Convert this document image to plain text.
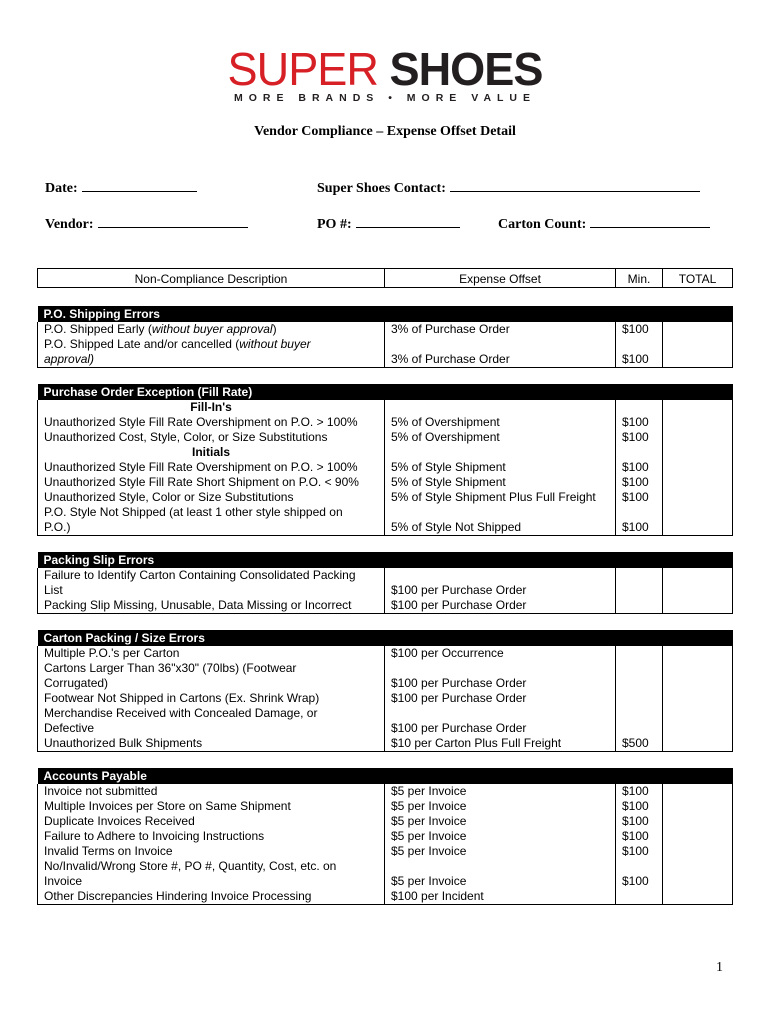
SUPER SHOES
MORE BRANDS • MORE VALUE
Vendor Compliance – Expense Offset Detail
Date:	Super Shoes Contact:
Vendor:	PO #:	Carton Count:
Non-Compliance Description	Expense Offset	Min.	TOTAL

P.O. Shipping Errors			
P.O. Shipped Early (without buyer approval)	3% of Purchase Order	$100	
P.O. Shipped Late and/or cancelled (without buyer
approval)	3% of Purchase Order	$100	

Purchase Order Exception (Fill Rate)			
Fill-In's			
Unauthorized Style Fill Rate Overshipment on P.O. > 100%	5% of Overshipment	$100	
Unauthorized Cost, Style, Color, or Size Substitutions	5% of Overshipment	$100	
Initials			
Unauthorized Style Fill Rate Overshipment on P.O. > 100%	5% of Style Shipment	$100	
Unauthorized Style Fill Rate Short Shipment on P.O. < 90%	5% of Style Shipment	$100	
Unauthorized Style, Color or Size Substitutions	5% of Style Shipment Plus Full Freight	$100	
P.O. Style Not Shipped (at least 1 other style shipped on
P.O.)	5% of Style Not Shipped	$100	

Packing Slip Errors			
Failure to Identify Carton Containing Consolidated Packing
List	$100 per Purchase Order		
Packing Slip Missing, Unusable, Data Missing or Incorrect	$100 per Purchase Order		

Carton Packing / Size Errors			
Multiple P.O.'s per Carton	$100 per Occurrence		
Cartons Larger Than 36"x30" (70lbs) (Footwear
Corrugated)	$100 per Purchase Order		
Footwear Not Shipped in Cartons (Ex. Shrink Wrap)	$100 per Purchase Order		
Merchandise Received with Concealed Damage, or
Defective	$100 per Purchase Order		
Unauthorized Bulk Shipments	$10 per Carton Plus Full Freight	$500	

Accounts Payable			
Invoice not submitted	$5 per Invoice	$100	
Multiple Invoices per Store on Same Shipment	$5 per Invoice	$100	
Duplicate Invoices Received	$5 per Invoice	$100	
Failure to Adhere to Invoicing Instructions	$5 per Invoice	$100	
Invalid Terms on Invoice	$5 per Invoice	$100	
No/Invalid/Wrong Store #, PO #, Quantity, Cost, etc. on
Invoice	$5 per Invoice	$100	
Other Discrepancies Hindering Invoice Processing	$100 per Incident		
1
